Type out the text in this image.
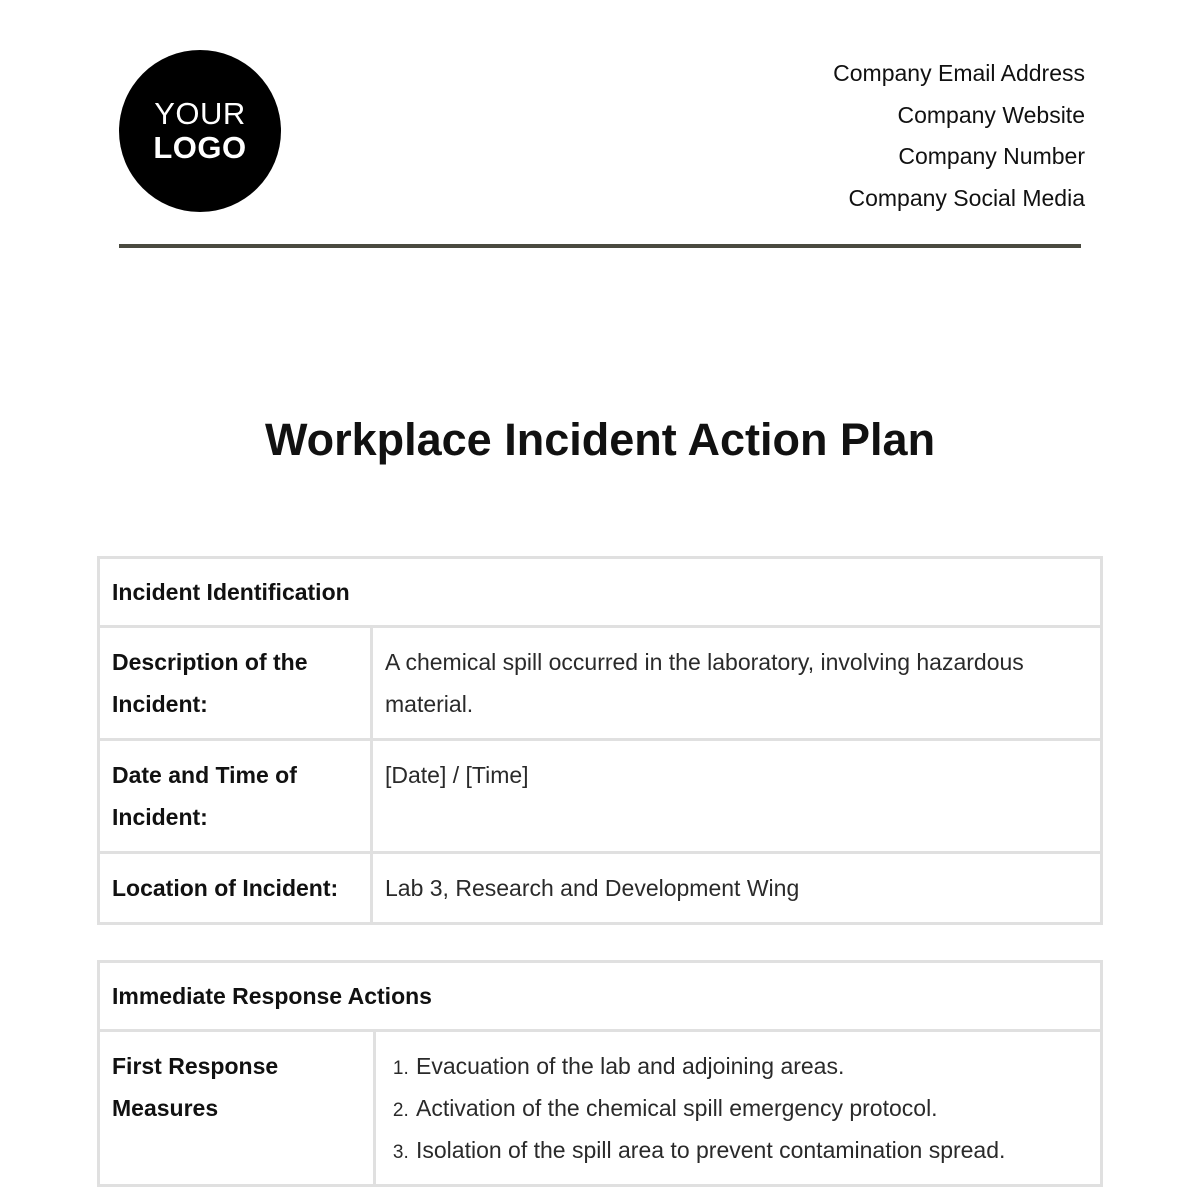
YOUR
LOGO
Company Email Address
Company Website
Company Number
Company Social Media
Workplace Incident Action Plan
Incident Identification	
Description of the Incident:	A chemical spill occurred in the laboratory, involving hazardous material.
Date and Time of Incident:	[Date] / [Time]
Location of Incident:	Lab 3, Research and Development Wing
Immediate Response Actions
First Response Measures	
1. Evacuation of the lab and adjoining areas.
2. Activation of the chemical spill emergency protocol.
3. Isolation of the spill area to prevent contamination spread.
